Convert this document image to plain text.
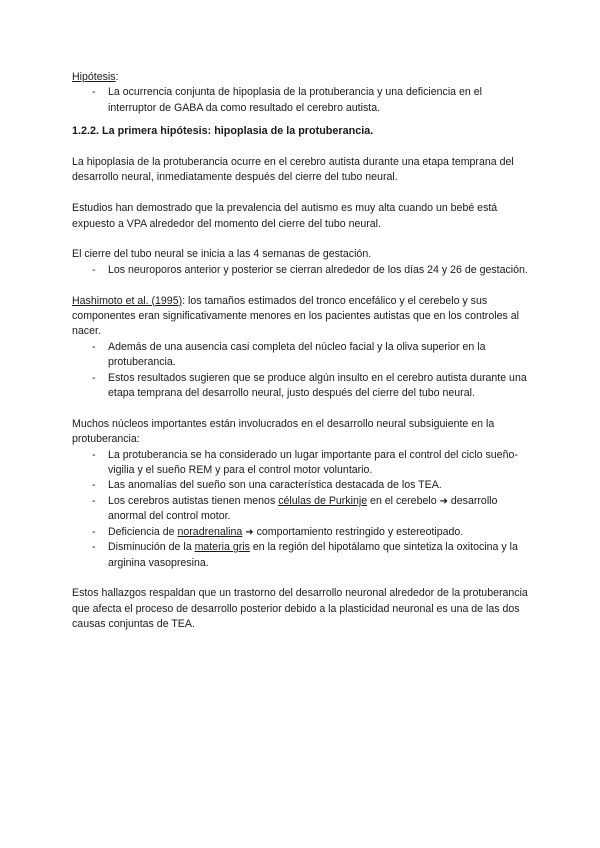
Hipótesis:

- La ocurrencia conjunta de hipoplasia de la protuberancia y una deficiencia en el interruptor de GABA da como resultado el cerebro autista.

1.2.2. La primera hipótesis: hipoplasia de la protuberancia.

La hipoplasia de la protuberancia ocurre en el cerebro autista durante una etapa temprana del desarrollo neural, inmediatamente después del cierre del tubo neural.

Estudios han demostrado que la prevalencia del autismo es muy alta cuando un bebé está expuesto a VPA alrededor del momento del cierre del tubo neural.

El cierre del tubo neural se inicia a las 4 semanas de gestación.

- Los neuroporos anterior y posterior se cierran alrededor de los días 24 y 26 de gestación.

Hashimoto et al. (1995): los tamaños estimados del tronco encefálico y el cerebelo y sus componentes eran significativamente menores en los pacientes autistas que en los controles al nacer.

- Además de una ausencia casi completa del núcleo facial y la oliva superior en la protuberancia.
- Estos resultados sugieren que se produce algún insulto en el cerebro autista durante una etapa temprana del desarrollo neural, justo después del cierre del tubo neural.

Muchos núcleos importantes están involucrados en el desarrollo neural subsiguiente en la protuberancia:

- La protuberancia se ha considerado un lugar importante para el control del ciclo sueño-vigilia y el sueño REM y para el control motor voluntario.
- Las anomalías del sueño son una característica destacada de los TEA.
- Los cerebros autistas tienen menos células de Purkinje en el cerebelo ➜ desarrollo anormal del control motor.
- Deficiencia de noradrenalina ➜ comportamiento restringido y estereotipado.
- Disminución de la materia gris en la región del hipotálamo que sintetiza la oxitocina y la arginina vasopresina.

Estos hallazgos respaldan que un trastorno del desarrollo neuronal alrededor de la protuberancia que afecta el proceso de desarrollo posterior debido a la plasticidad neuronal es una de las dos causas conjuntas de TEA.
